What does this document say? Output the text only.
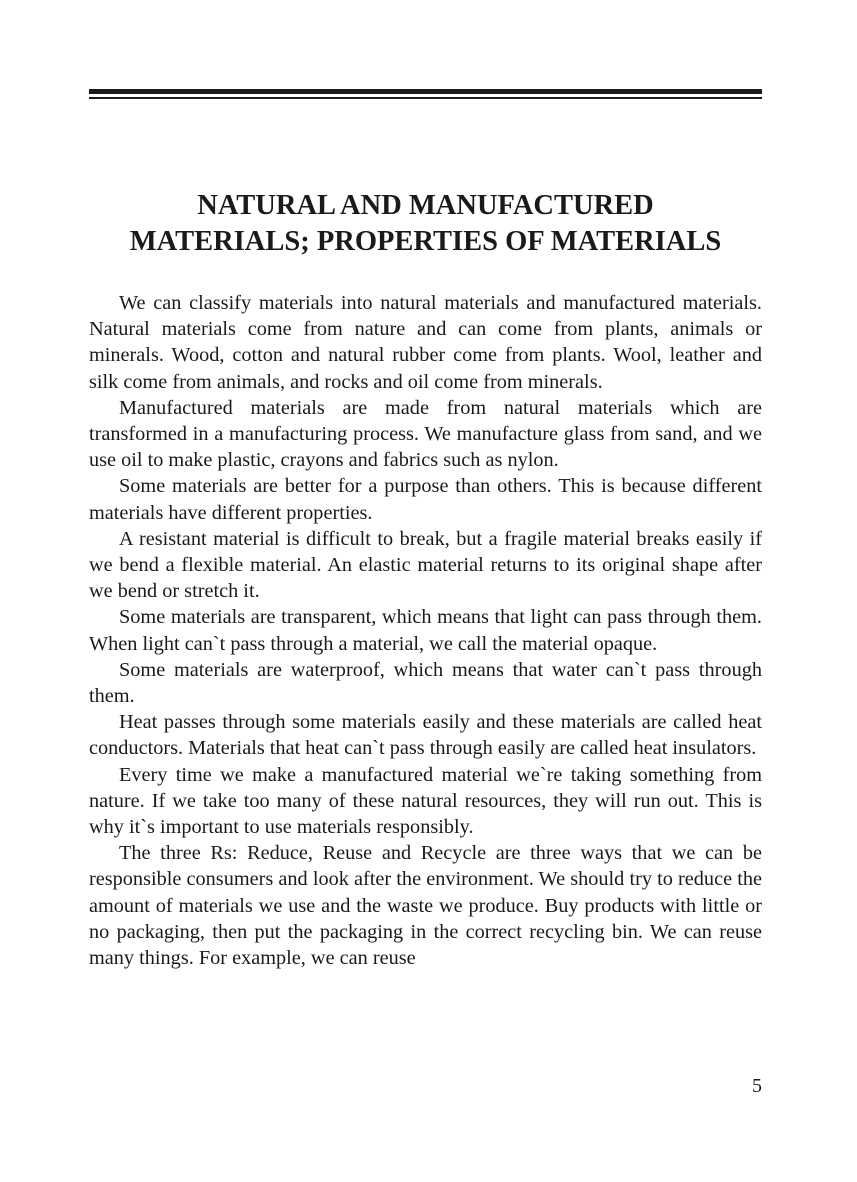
NATURAL AND MANUFACTURED
MATERIALS; PROPERTIES OF MATERIALS

We can classify materials into natural materials and manufactured materials. Natural materials come from nature and can come from plants, animals or minerals. Wood, cotton and natural rubber come from plants. Wool, leather and silk come from animals, and rocks and oil come from minerals.

Manufactured materials are made from natural materials which are transformed in a manufacturing process. We manufacture glass from sand, and we use oil to make plastic, crayons and fabrics such as nylon.

Some materials are better for a purpose than others. This is because different materials have different properties.

A resistant material is difficult to break, but a fragile material breaks easily if we bend a flexible material. An elastic material returns to its original shape after we bend or stretch it.

Some materials are transparent, which means that light can pass through them. When light can`t pass through a material, we call the material opaque.

Some materials are waterproof, which means that water can`t pass through them.

Heat passes through some materials easily and these materials are called heat conductors. Materials that heat can`t pass through easily are called heat insulators.

Every time we make a manufactured material we`re taking something from nature. If we take too many of these natural resources, they will run out. This is why it`s important to use materials responsibly.

The three Rs: Reduce, Reuse and Recycle are three ways that we can be responsible consumers and look after the environment. We should try to reduce the amount of materials we use and the waste we produce. Buy products with little or no packaging, then put the packaging in the correct recycling bin. We can reuse many things. For example, we can reuse

5
